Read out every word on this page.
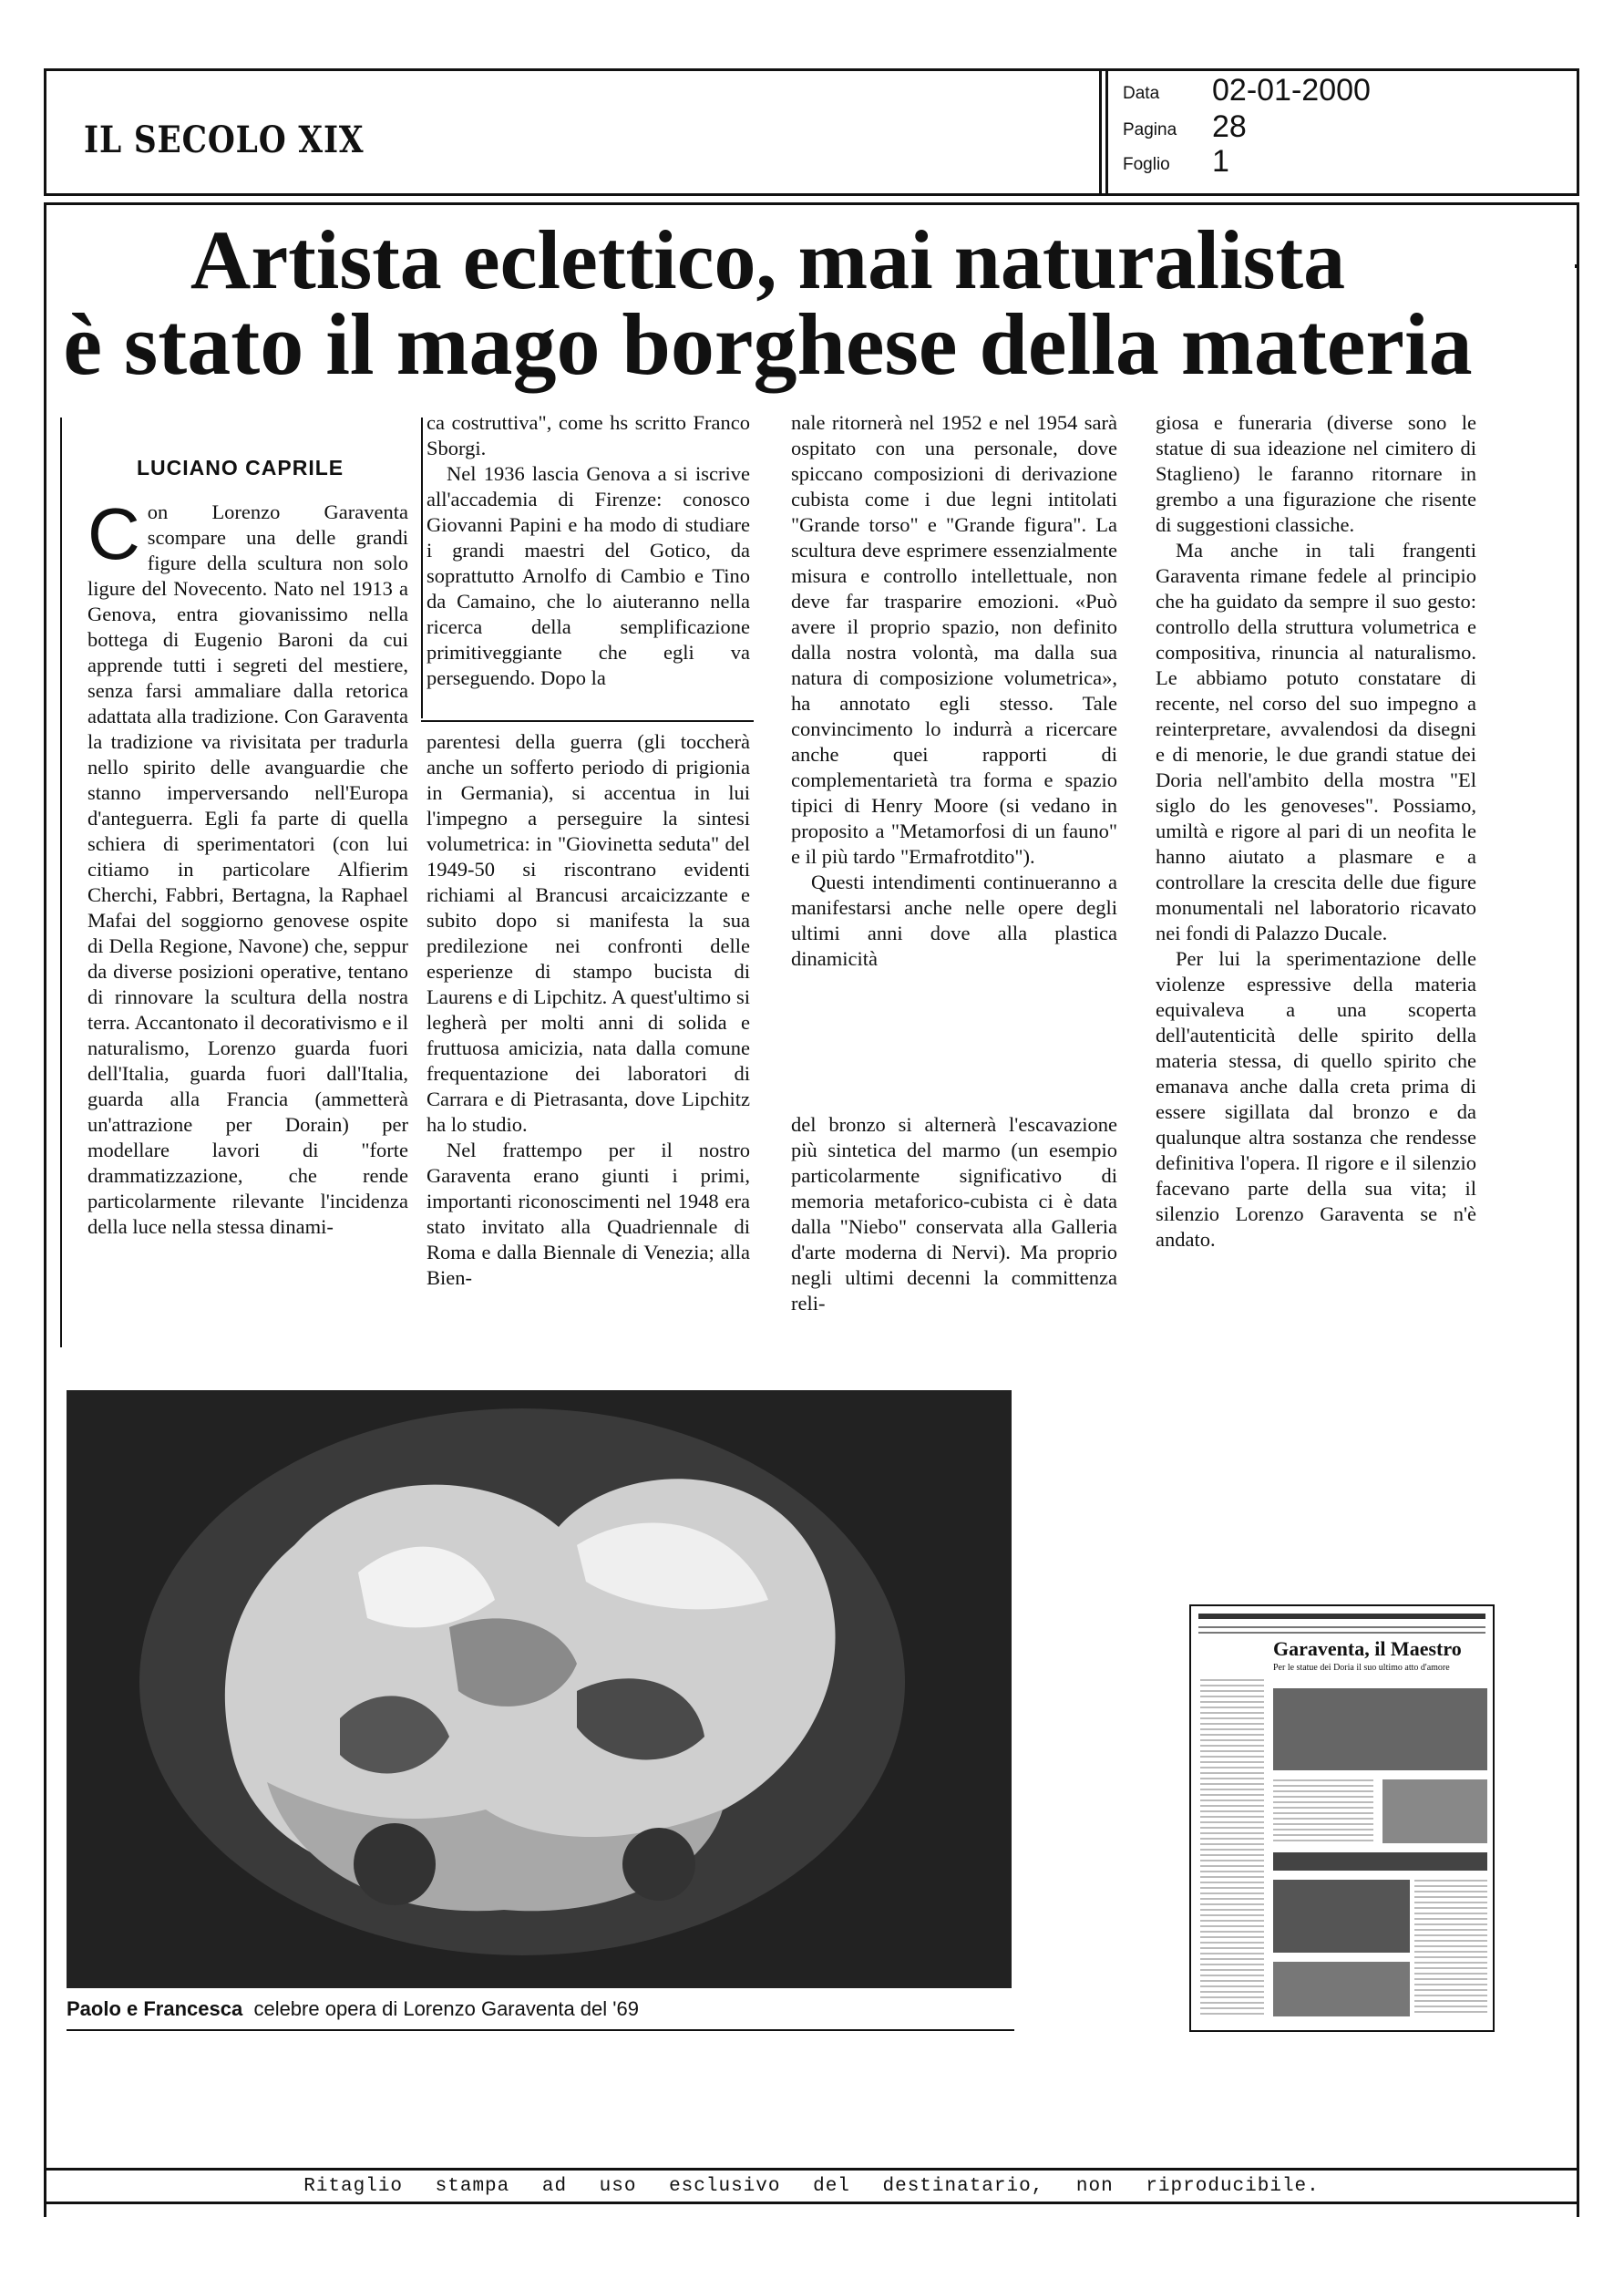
IL SECOLO XIX
Data 02-01-2000
Pagina 28
Foglio 1
Artista eclettico, mai naturalista
è stato il mago borghese della materia
LUCIANO CAPRILE

Con Lorenzo Garaventa scompare una delle grandi figure della scultura non solo ligure del Novecento. Nato nel 1913 a Genova, entra giovanissimo nella bottega di Eugenio Baroni da cui apprende tutti i segreti del mestiere, senza farsi ammaliare dalla retorica adattata alla tradizione. Con Garaventa la tradizione va rivisitata per tradurla nello spirito delle avanguardie che stanno imperversando nell'Europa d'anteguerra. Egli fa parte di quella schiera di sperimentatori (con lui citiamo in particolare Alfierim Cherchi, Fabbri, Bertagna, la Raphael Mafai del soggiorno genovese ospite di Della Regione, Navone) che, seppur da diverse posizioni operative, tentano di rinnovare la scultura della nostra terra. Accantonato il decorativismo e il naturalismo, Lorenzo guarda fuori dell'Italia, guarda fuori dall'Italia, guarda alla Francia (ammetterà un'attrazione per Dorain) per modellare lavori di "forte drammatizzazione, che rende particolarmente rilevante l'incidenza della luce nella stessa dinami-

ca costruttiva", come hs scritto Franco Sborgi.

Nel 1936 lascia Genova a si iscrive all'accademia di Firenze: conosco Giovanni Papini e ha modo di studiare i grandi maestri del Gotico, da soprattutto Arnolfo di Cambio e Tino da Camaino, che lo aiuteranno nella ricerca della semplificazione primitiveggiante che egli va perseguendo. Dopo la

parentesi della guerra (gli toccherà anche un sofferto periodo di prigionia in Germania), si accentua in lui l'impegno a perseguire la sintesi volumetrica: in "Giovinetta seduta" del 1949-50 si riscontrano evidenti richiami al Brancusi arcaicizzante e subito dopo si manifesta la sua predilezione nei confronti delle esperienze di stampo bucista di Laurens e di Lipchitz. A quest'ultimo si legherà per molti anni di solida e fruttuosa amicizia, nata dalla comune frequentazione dei laboratori di Carrara e di Pietrasanta, dove Lipchitz ha lo studio.

Nel frattempo per il nostro Garaventa erano giunti i primi, importanti riconoscimenti nel 1948 era stato invitato alla Quadriennale di Roma e dalla Biennale di Venezia; alla Bien-

nale ritornerà nel 1952 e nel 1954 sarà ospitato con una personale, dove spiccano composizioni di derivazione cubista come i due legni intitolati "Grande torso" e "Grande figura". La scultura deve esprimere essenzialmente misura e controllo intellettuale, non deve far trasparire emozioni. «Può avere il proprio spazio, non definito dalla nostra volontà, ma dalla sua natura di composizione volumetrica», ha annotato egli stesso. Tale convincimento lo indurrà a ricercare anche quei rapporti di complementarietà tra forma e spazio tipici di Henry Moore (si vedano in proposito a "Metamorfosi di un fauno" e il più tardo "Ermafrotdito").

Questi intendimenti continueranno a manifestarsi anche nelle opere degli ultimi anni dove alla plastica dinamicità

del bronzo si alternerà l'escavazione più sintetica del marmo (un esempio particolarmente significativo di memoria metaforico-cubista ci è data dalla "Niebo" conservata alla Galleria d'arte moderna di Nervi). Ma proprio negli ultimi decenni la committenza reli-

giosa e funeraria (diverse sono le statue di sua ideazione nel cimitero di Staglieno) le faranno ritornare in grembo a una figurazione che risente di suggestioni classiche.

Ma anche in tali frangenti Garaventa rimane fedele al principio che ha guidato da sempre il suo gesto: controllo della struttura volumetrica e compositiva, rinuncia al naturalismo. Le abbiamo potuto constatare di recente, nel corso del suo impegno a reinterpretare, avvalendosi da disegni e di menorie, le due grandi statue dei Doria nell'ambito della mostra "El siglo do les genoveses". Possiamo, umiltà e rigore al pari di un neofita le hanno aiutato a plasmare e a controllare la crescita delle due figure monumentali nel laboratorio ricavato nei fondi di Palazzo Ducale.

Per lui la sperimentazione delle violenze espressive della materia equivaleva a una scoperta dell'autenticità delle spirito della materia stessa, di quello spirito che emanava anche dalla creta prima di essere sigillata dal bronzo e da qualunque altra sostanza che rendesse definitiva l'opera. Il rigore e il silenzio facevano parte della sua vita; il silenzio Lorenzo Garaventa se n'è andato.

Paolo e Francesca celebre opera di Lorenzo Garaventa del '69
Garaventa, il Maestro
Per le statue dei Doria il suo ultimo atto d'amore
Ritaglio stampa ad uso esclusivo del destinatario, non riproducibile.
